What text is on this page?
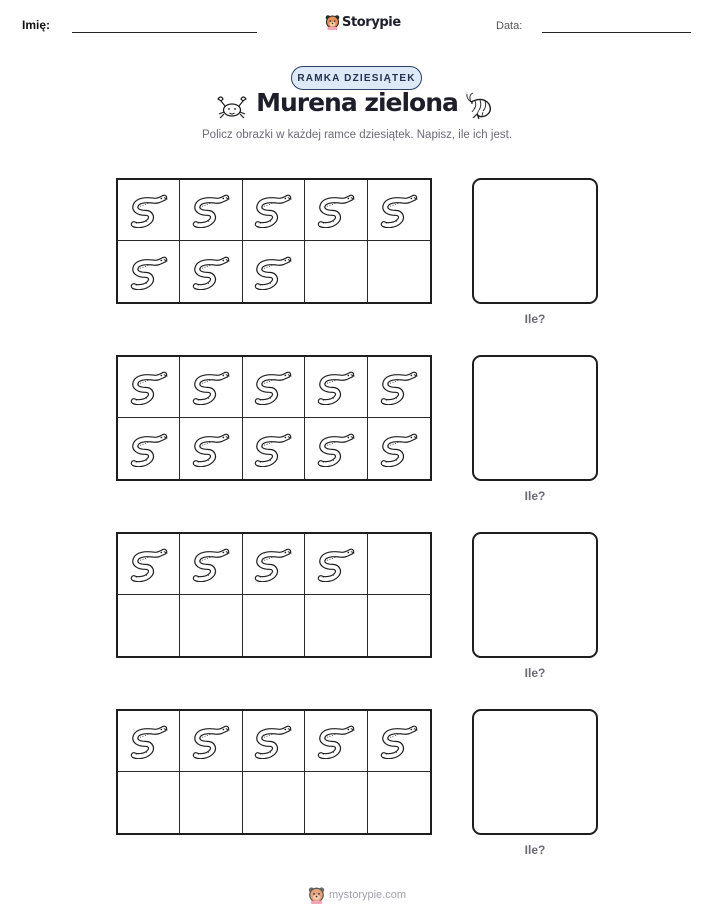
Imię:	Storypie	Data:
RAMKA DZIESIĄTEK
Murena zielona
Policz obrazki w każdej ramce dziesiątek. Napisz, ile ich jest.
Ile?
Ile?
Ile?
Ile?
mystorypie.com
